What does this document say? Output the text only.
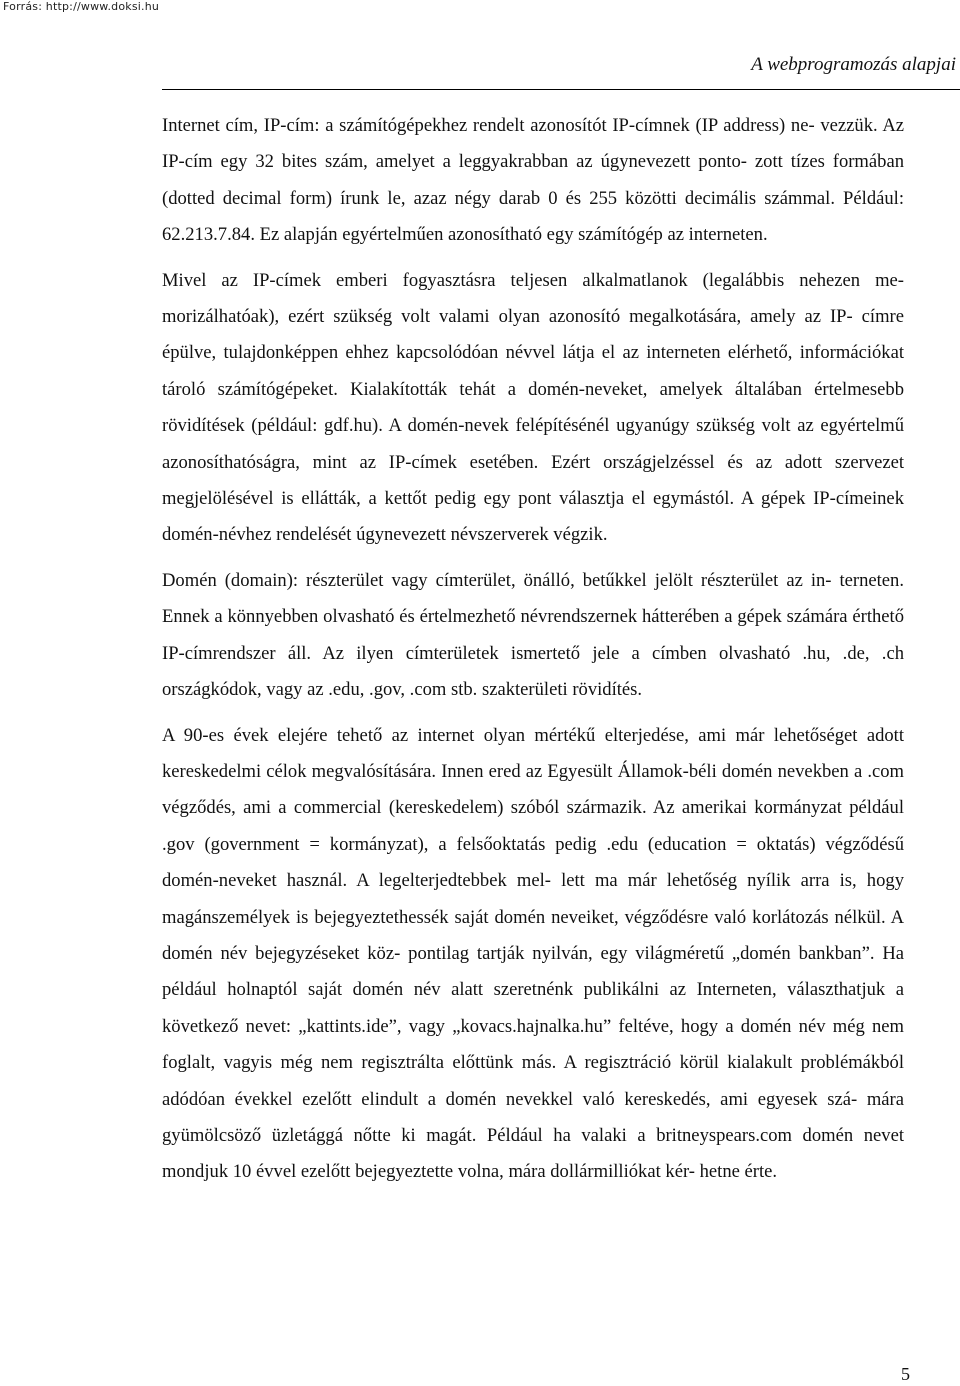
Forrás: http://www.doksi.hu
A webprogramozás alapjai

Internet cím, IP-cím: a számítógépekhez rendelt azonosítót IP-címnek (IP address) ne- vezzük. Az IP-cím egy 32 bites szám, amelyet a leggyakrabban az úgynevezett ponto- zott tízes formában (dotted decimal form) írunk le, azaz négy darab 0 és 255 közötti decimális számmal. Például: 62.213.7.84. Ez alapján egyértelműen azonosítható egy számítógép az interneten.

Mivel az IP-címek emberi fogyasztásra teljesen alkalmatlanok (legalábbis nehezen me- morizálhatóak), ezért szükség volt valami olyan azonosító megalkotására, amely az IP- címre épülve, tulajdonképpen ehhez kapcsolódóan névvel látja el az interneten elérhető, információkat tároló számítógépeket. Kialakították tehát a domén-neveket, amelyek általában értelmesebb rövidítések (például: gdf.hu). A domén-nevek felépítésénél ugyanúgy szükség volt az egyértelmű azonosíthatóságra, mint az IP-címek esetében. Ezért országjelzéssel és az adott szervezet megjelölésével is ellátták, a kettőt pedig egy pont választja el egymástól. A gépek IP-címeinek domén-névhez rendelését úgynevezett névszerverek végzik.

Domén (domain): részterület vagy címterület, önálló, betűkkel jelölt részterület az in- terneten. Ennek a könnyebben olvasható és értelmezhető névrendszernek hátterében a gépek számára érthető IP-címrendszer áll. Az ilyen címterületek ismertető jele a címben olvasható .hu, .de, .ch országkódok, vagy az .edu, .gov, .com stb. szakterületi rövidítés.

A 90-es évek elejére tehető az internet olyan mértékű elterjedése, ami már lehetőséget adott kereskedelmi célok megvalósítására. Innen ered az Egyesült Államok-béli domén nevekben a .com végződés, ami a commercial (kereskedelem) szóból származik. Az amerikai kormányzat például .gov (government = kormányzat), a felsőoktatás pedig .edu (education = oktatás) végződésű domén-neveket használ. A legelterjedtebbek mel- lett ma már lehetőség nyílik arra is, hogy magánszemélyek is bejegyeztethessék saját domén neveiket, végződésre való korlátozás nélkül. A domén név bejegyzéseket köz- pontilag tartják nyilván, egy világméretű „domén bankban”. Ha például holnaptól saját domén név alatt szeretnénk publikálni az Interneten, választhatjuk a következő nevet: „kattints.ide”, vagy „kovacs.hajnalka.hu” feltéve, hogy a domén név még nem foglalt, vagyis még nem regisztrálta előttünk más. A regisztráció körül kialakult problémákból adódóan évekkel ezelőtt elindult a domén nevekkel való kereskedés, ami egyesek szá- mára gyümölcsöző üzletággá nőtte ki magát. Például ha valaki a britneyspears.com domén nevet mondjuk 10 évvel ezelőtt bejegyeztette volna, mára dollármilliókat kér- hetne érte.

5
